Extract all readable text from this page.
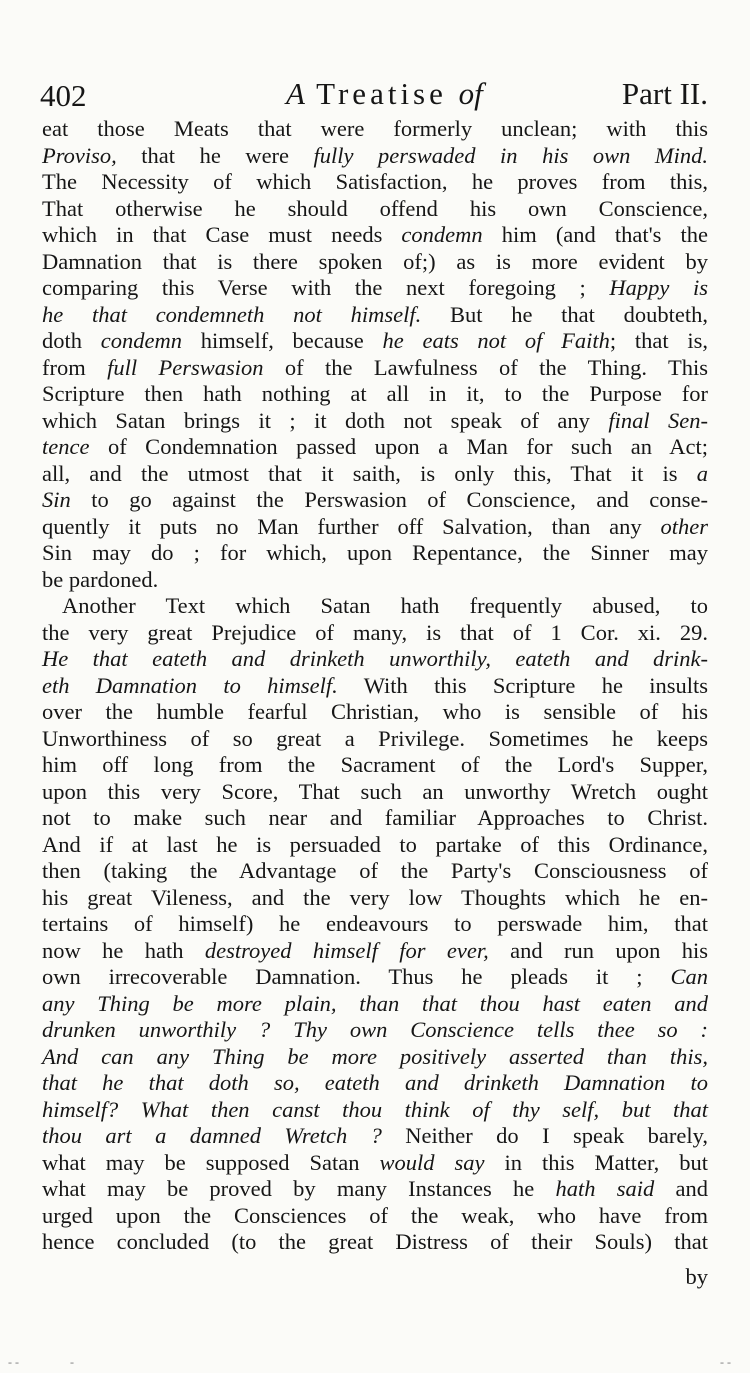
402	A Treatise of	Part II.
eat those Meats that were formerly unclean; with this
Proviso, that he were fully perswaded in his own Mind.
The Necessity of which Satisfaction, he proves from this,
That otherwise he should offend his own Conscience,
which in that Case must needs condemn him (and that's the
Damnation that is there spoken of;) as is more evident by
comparing this Verse with the next foregoing ; Happy is
he that condemneth not himself. But he that doubteth,
doth condemn himself, because he eats not of Faith; that is,
from full Perswasion of the Lawfulness of the Thing. This
Scripture then hath nothing at all in it, to the Purpose for
which Satan brings it ; it doth not speak of any final Sen-
tence of Condemnation passed upon a Man for such an Act;
all, and the utmost that it saith, is only this, That it is a
Sin to go against the Perswasion of Conscience, and conse-
quently it puts no Man further off Salvation, than any other
Sin may do ; for which, upon Repentance, the Sinner may
be pardoned.
Another Text which Satan hath frequently abused, to
the very great Prejudice of many, is that of 1 Cor. xi. 29.
He that eateth and drinketh unworthily, eateth and drink-
eth Damnation to himself. With this Scripture he insults
over the humble fearful Christian, who is sensible of his
Unworthiness of so great a Privilege. Sometimes he keeps
him off long from the Sacrament of the Lord's Supper,
upon this very Score, That such an unworthy Wretch ought
not to make such near and familiar Approaches to Christ.
And if at last he is persuaded to partake of this Ordinance,
then (taking the Advantage of the Party's Consciousness of
his great Vileness, and the very low Thoughts which he en-
tertains of himself) he endeavours to perswade him, that
now he hath destroyed himself for ever, and run upon his
own irrecoverable Damnation. Thus he pleads it ; Can
any Thing be more plain, than that thou hast eaten and
drunken unworthily ? Thy own Conscience tells thee so :
And can any Thing be more positively asserted than this,
that he that doth so, eateth and drinketh Damnation to
himself? What then canst thou think of thy self, but that
thou art a damned Wretch ? Neither do I speak barely,
what may be supposed Satan would say in this Matter, but
what may be proved by many Instances he hath said and
urged upon the Consciences of the weak, who have from
hence concluded (to the great Distress of their Souls) that
by
- -	-	- -
